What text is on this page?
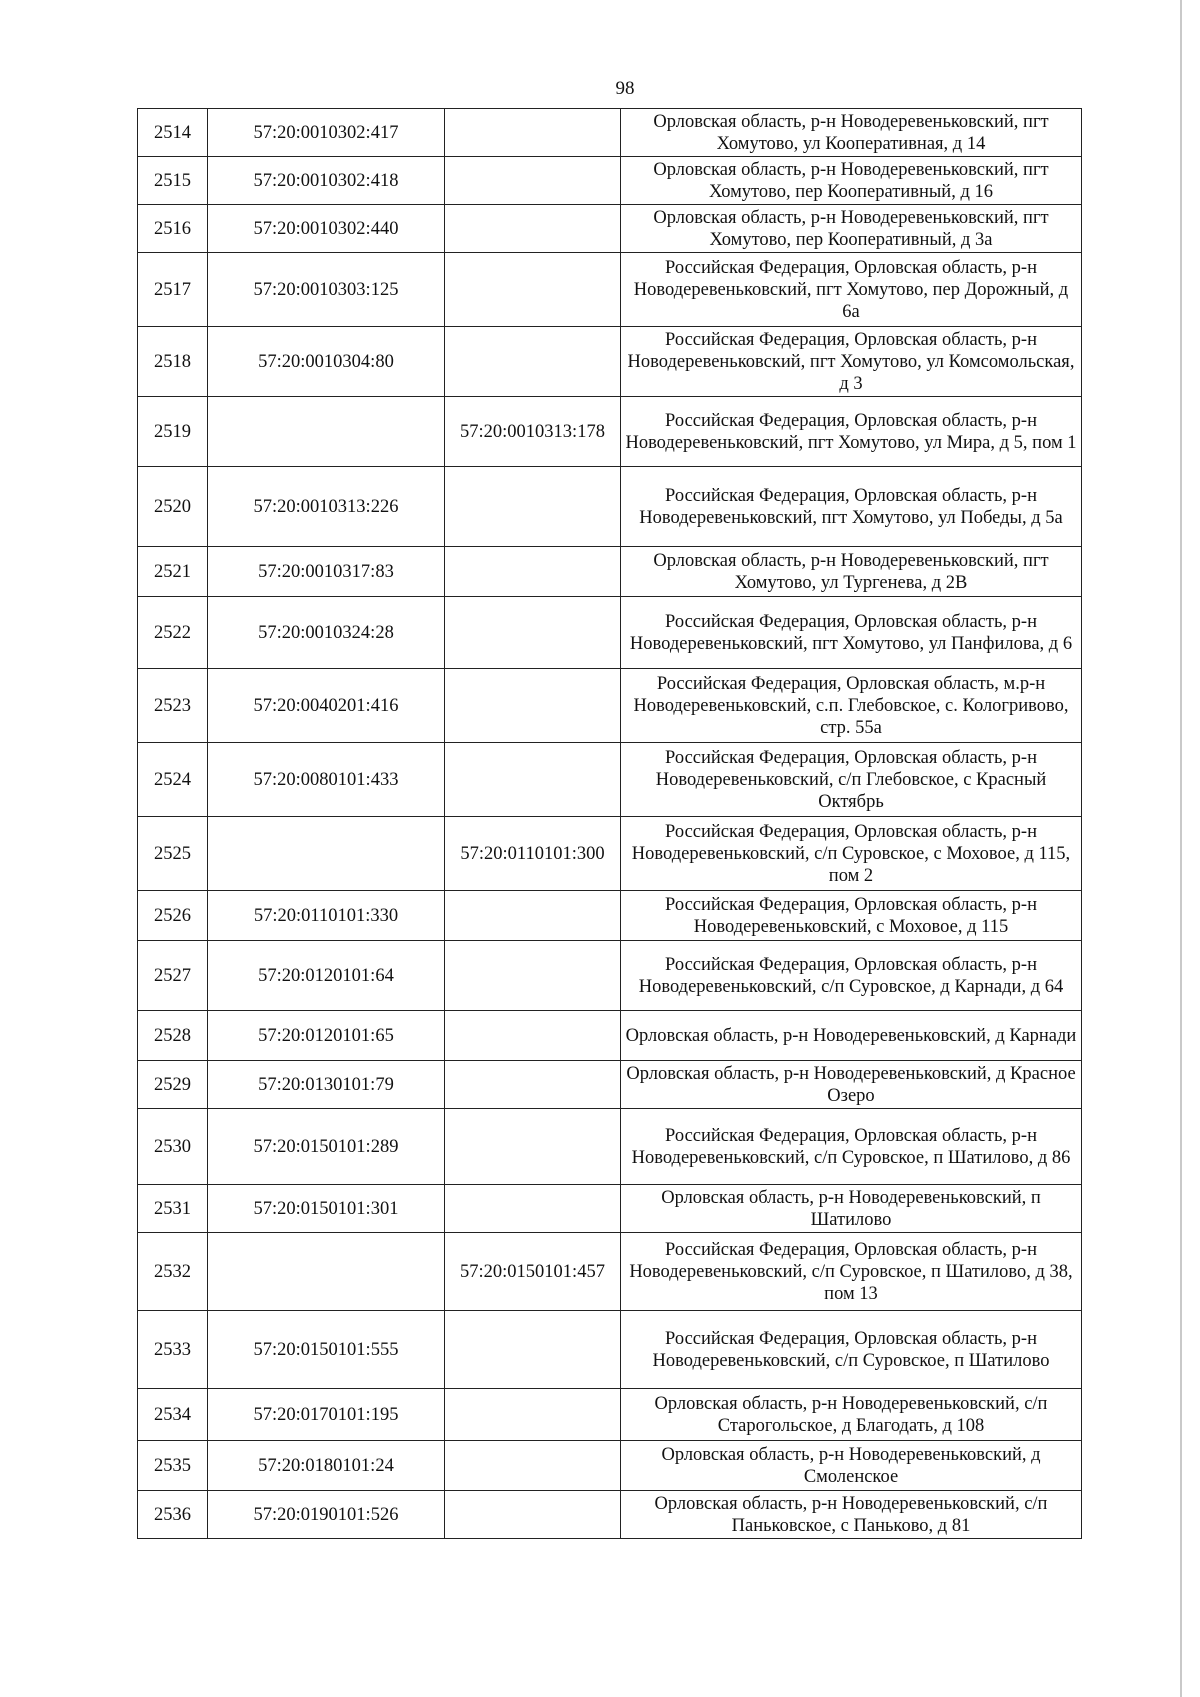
98
2514	57:20:0010302:417		Орловская область, р-н Новодеревеньковский, пгт Хомутово, ул Кооперативная, д 14
2515	57:20:0010302:418		Орловская область, р-н Новодеревеньковский, пгт Хомутово, пер Кооперативный, д 16
2516	57:20:0010302:440		Орловская область, р-н Новодеревеньковский, пгт Хомутово, пер Кооперативный, д 3а
2517	57:20:0010303:125		Российская Федерация, Орловская область, р-н Новодеревеньковский, пгт Хомутово, пер Дорожный, д 6а
2518	57:20:0010304:80		Российская Федерация, Орловская область, р-н Новодеревеньковский, пгт Хомутово, ул Комсомольская, д 3
2519		57:20:0010313:178	Российская Федерация, Орловская область, р-н Новодеревеньковский, пгт Хомутово, ул Мира, д 5, пом 1
2520	57:20:0010313:226		Российская Федерация, Орловская область, р-н Новодеревеньковский, пгт Хомутово, ул Победы, д 5а
2521	57:20:0010317:83		Орловская область, р-н Новодеревеньковский, пгт Хомутово, ул Тургенева, д 2В
2522	57:20:0010324:28		Российская Федерация, Орловская область, р-н Новодеревеньковский, пгт Хомутово, ул Панфилова, д 6
2523	57:20:0040201:416		Российская Федерация, Орловская область, м.р-н Новодеревеньковский, с.п. Глебовское, с. Кологривово, стр. 55а
2524	57:20:0080101:433		Российская Федерация, Орловская область, р-н Новодеревеньковский, с/п Глебовское, с Красный Октябрь
2525		57:20:0110101:300	Российская Федерация, Орловская область, р-н Новодеревеньковский, с/п Суровское, с Моховое, д 115, пом 2
2526	57:20:0110101:330		Российская Федерация, Орловская область, р-н Новодеревеньковский, с Моховое, д 115
2527	57:20:0120101:64		Российская Федерация, Орловская область, р-н Новодеревеньковский, с/п Суровское, д Карнади, д 64
2528	57:20:0120101:65		Орловская область, р-н Новодеревеньковский, д Карнади
2529	57:20:0130101:79		Орловская область, р-н Новодеревеньковский, д Красное Озеро
2530	57:20:0150101:289		Российская Федерация, Орловская область, р-н Новодеревеньковский, с/п Суровское, п Шатилово, д 86
2531	57:20:0150101:301		Орловская область, р-н Новодеревеньковский, п Шатилово
2532		57:20:0150101:457	Российская Федерация, Орловская область, р-н Новодеревеньковский, с/п Суровское, п Шатилово, д 38, пом 13
2533	57:20:0150101:555		Российская Федерация, Орловская область, р-н Новодеревеньковский, с/п Суровское, п Шатилово
2534	57:20:0170101:195		Орловская область, р-н Новодеревеньковский, с/п Старогольское, д Благодать, д 108
2535	57:20:0180101:24		Орловская область, р-н Новодеревеньковский, д Смоленское
2536	57:20:0190101:526		Орловская область, р-н Новодеревеньковский, с/п Паньковское, с Паньково, д 81
